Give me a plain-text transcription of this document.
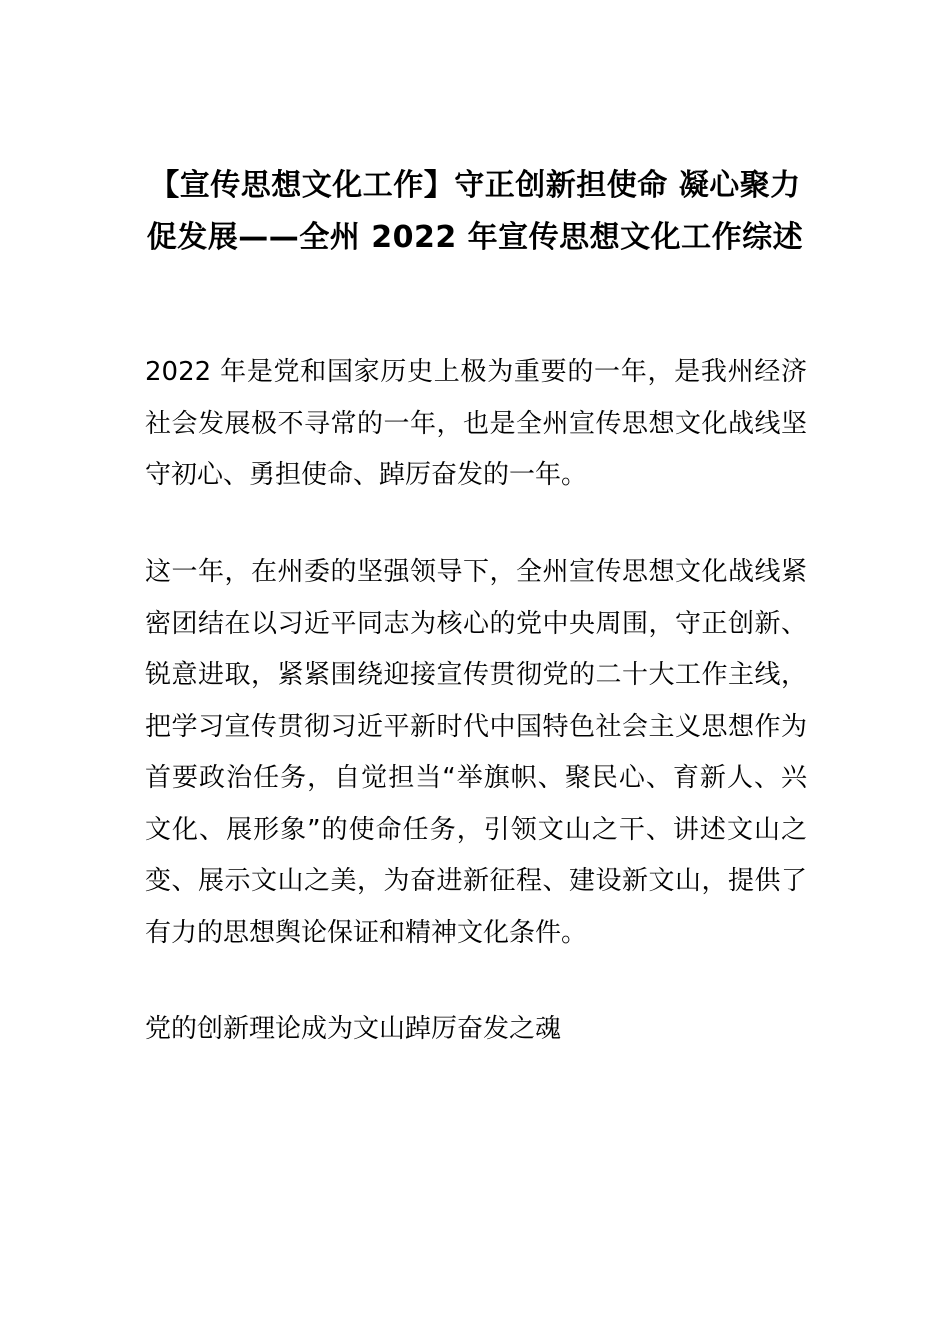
【宣传思想文化工作】守正创新担使命 凝心聚力促发展——全州 2022 年宣传思想文化工作综述

2022 年是党和国家历史上极为重要的一年，是我州经济社会发展极不寻常的一年，也是全州宣传思想文化战线坚守初心、勇担使命、踔厉奋发的一年。

这一年，在州委的坚强领导下，全州宣传思想文化战线紧密团结在以习近平同志为核心的党中央周围，守正创新、锐意进取，紧紧围绕迎接宣传贯彻党的二十大工作主线，把学习宣传贯彻习近平新时代中国特色社会主义思想作为首要政治任务，自觉担当“举旗帜、聚民心、育新人、兴文化、展形象”的使命任务，引领文山之干、讲述文山之变、展示文山之美，为奋进新征程、建设新文山，提供了有力的思想舆论保证和精神文化条件。

党的创新理论成为文山踔厉奋发之魂
